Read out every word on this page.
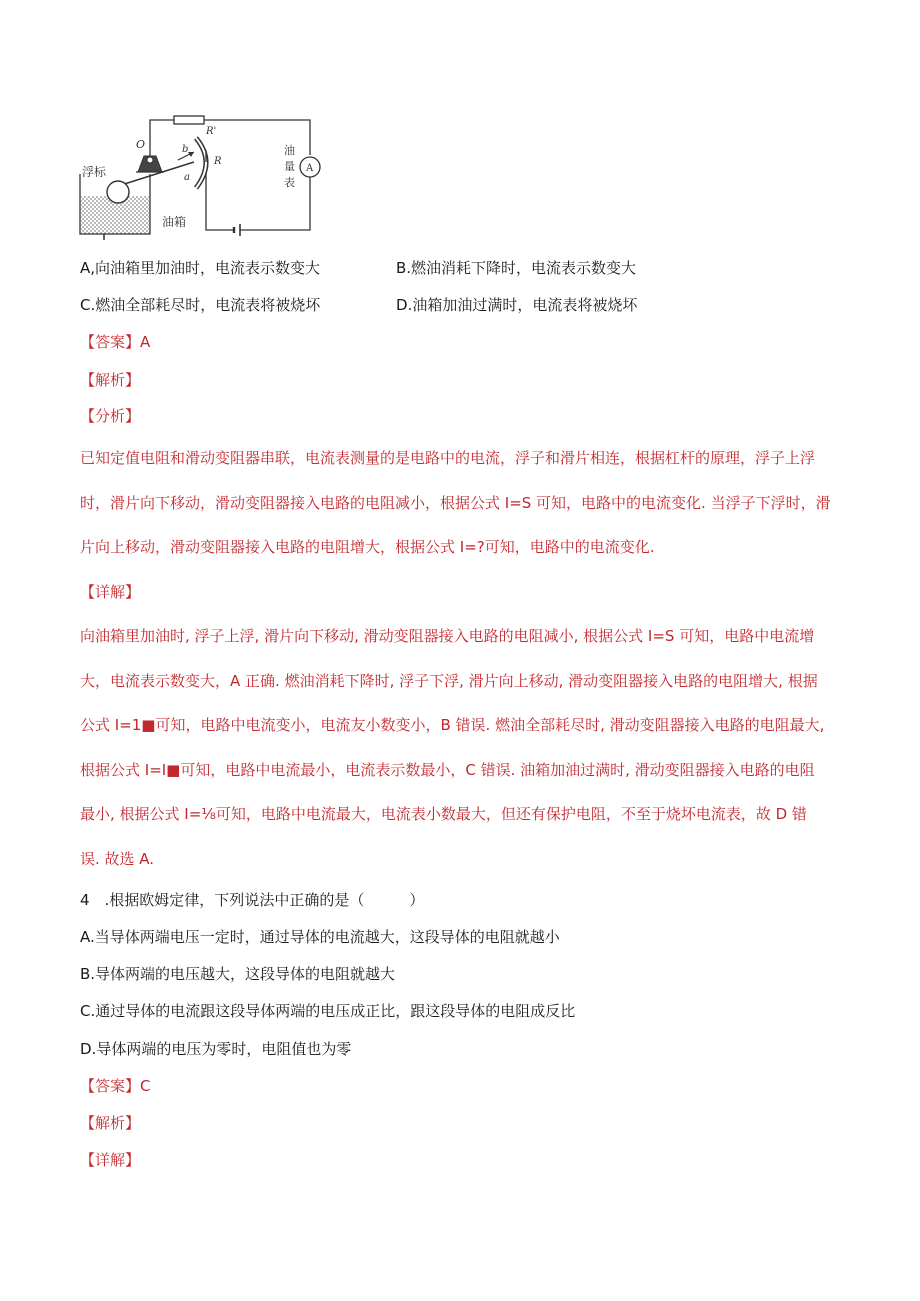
A
浮标
油箱
O	b
a
R
R'
油
量
表
A,向油箱里加油时，电流表示数变大	B.燃油消耗下降时，电流表示数变大
C.燃油全部耗尽时，电流表将被烧坏	D.油箱加油过满时，电流表将被烧坏
【答案】A
【解析】
【分析】
已知定值电阻和滑动变阻器串联，电流表测量的是电路中的电流，浮子和滑片相连，根据杠杆的原理，浮子上浮
时，滑片向下移动，滑动变阻器接入电路的电阻减小，根据公式 I=S 可知，电路中的电流变化. 当浮子下浮时，滑
片向上移动，滑动变阻器接入电路的电阻增大，根据公式 I=?可知，电路中的电流变化.
【详解】
向油箱里加油时, 浮子上浮, 滑片向下移动, 滑动变阻器接入电路的电阻减小, 根据公式 I=S 可知，电路中电流增
大，电流表示数变大，A 正确. 燃油消耗下降时, 浮子下浮, 滑片向上移动, 滑动变阻器接入电路的电阻增大, 根据
公式 I=1■可知，电路中电流变小，电流友小数变小，B 错误. 燃油全部耗尽时, 滑动变阻器接入电路的电阻最大,
根据公式 I=I■可知，电路中电流最小，电流表示数最小，C 错误. 油箱加油过满时, 滑动变阻器接入电路的电阻
最小, 根据公式 I=⅛可知，电路中电流最大，电流表小数最大，但还有保护电阻，不至于烧坏电流表，故 D 错
误. 故选 A.
4　.根据欧姆定律，下列说法中正确的是（　　　）
A.当导体两端电压一定时，通过导体的电流越大，这段导体的电阻就越小
B.导体两端的电压越大，这段导体的电阻就越大
C.通过导体的电流跟这段导体两端的电压成正比，跟这段导体的电阻成反比
D.导体两端的电压为零时，电阻值也为零
【答案】C
【解析】
【详解】
